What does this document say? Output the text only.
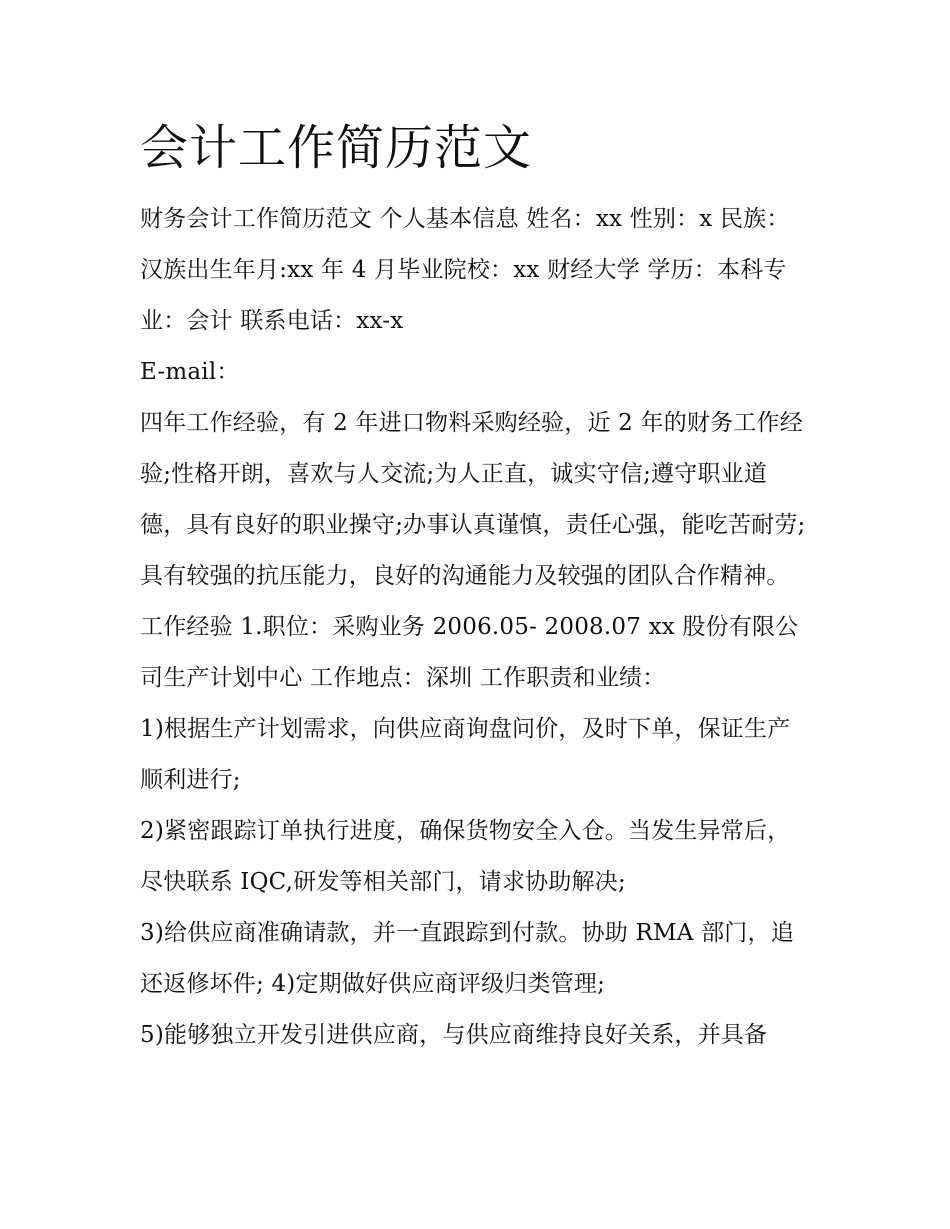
会计工作简历范文

财务会计工作简历范文 个人基本信息 姓名：xx 性别：x 民族：汉族出生年月:xx 年 4 月毕业院校：xx 财经大学 学历：本科专业：会计 联系电话：xx-x

E-mail：

四年工作经验，有 2 年进口物料采购经验，近 2 年的财务工作经验;性格开朗，喜欢与人交流;为人正直，诚实守信;遵守职业道德，具有良好的职业操守;办事认真谨慎，责任心强，能吃苦耐劳;具有较强的抗压能力，良好的沟通能力及较强的团队合作精神。

工作经验 1.职位：采购业务 2006.05- 2008.07 xx 股份有限公司生产计划中心 工作地点：深圳 工作职责和业绩：

1)根据生产计划需求，向供应商询盘问价，及时下单，保证生产顺利进行;

2)紧密跟踪订单执行进度，确保货物安全入仓。当发生异常后，尽快联系 IQC,研发等相关部门，请求协助解决;

3)给供应商准确请款，并一直跟踪到付款。协助 RMA 部门，追还返修坏件; 4)定期做好供应商评级归类管理;

5)能够独立开发引进供应商，与供应商维持良好关系，并具备
